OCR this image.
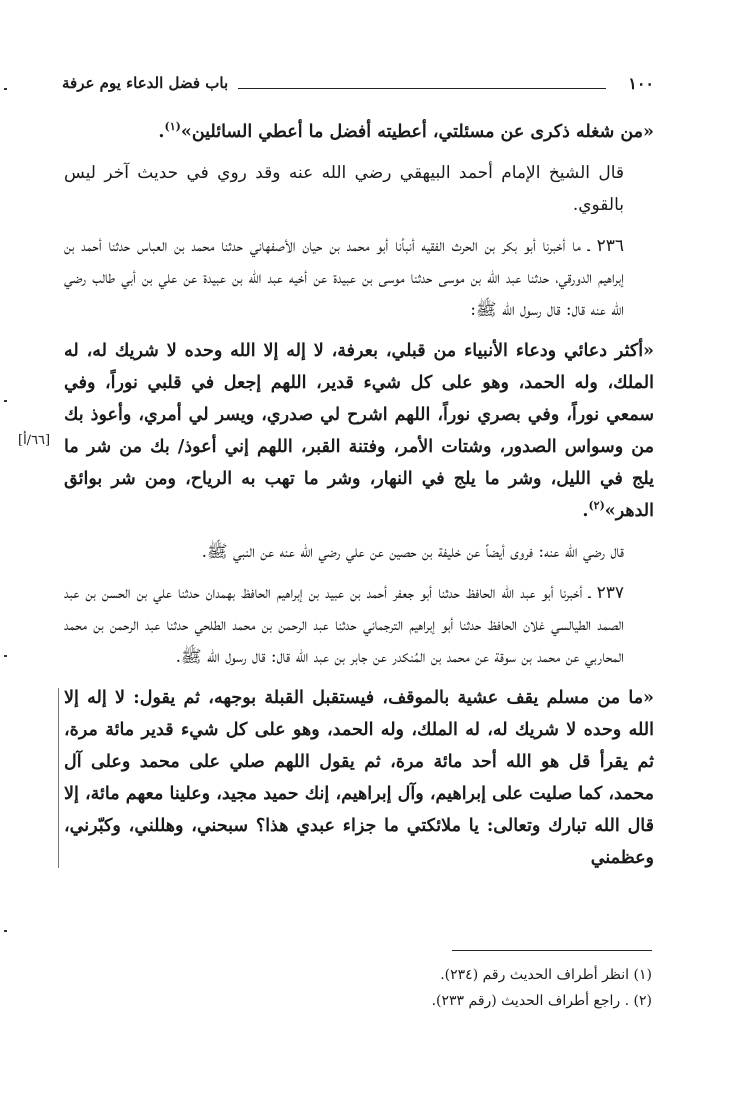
١٠٠
باب فضل الدعاء يوم عرفة

«من شغله ذكرى عن مسئلتي، أعطيته أفضل ما أعطي السائلين»$^{(١)}$.

قال الشيخ الإمام أحمد البيهقي رضي الله عنه وقد روي في حديث آخر ليس بالقوي.

٢٣٦ ـ ما أخبرنا أبو بكر بن الحرث الفقيه أنبأنا أبو محمد بن حيان الأصفهاني حدثنا محمد بن العباس حدثنا أحمد بن إبراهيم الدورقي، حدثنا عبد الله بن موسى حدثنا موسى بن عبيدة عن أخيه عبد الله بن عبيدة عن علي بن أبي طالب رضي الله عنه قال: قال رسول الله ﷺ:

«أكثر دعائي ودعاء الأنبياء من قبلي، بعرفة، لا إله إلا الله وحده لا شريك له، له الملك، وله الحمد، وهو على كل شيء قدير، اللهم إجعل في قلبي نوراً، وفي سمعي نوراً، وفي بصري نوراً، اللهم اشرح لي صدري، ويسر لي أمري، وأعوذ بك من وسواس الصدور، وشتات الأمر، وفتنة القبر، اللهم إني أعوذ/ بك من شر ما يلج في الليل، وشر ما يلج في النهار، وشر ما تهب به الرياح، ومن شر بوائق الدهر»$^{(٢)}$.

[٦٦/أ]

قال رضي الله عنه: فروى أيضاً عن خليفة بن حصين عن علي رضي الله عنه عن النبي ﷺ.

٢٣٧ ـ أخبرنا أبو عبد الله الحافظ حدثنا أبو جعفر أحمد بن عبيد بن إبراهيم الحافظ بهمدان حدثنا علي بن الحسن بن عبد الصمد الطيالسي غلان الحافظ حدثنا أبو إبراهيم الترجماني حدثنا عبد الرحمن بن محمد الطلحي حدثنا عبد الرحمن بن محمد المحاربي عن محمد بن سوقة عن محمد بن المُنكدر عن جابر بن عبد الله قال: قال رسول الله ﷺ.

«ما من مسلم يقف عشية بالموقف، فيستقبل القبلة بوجهه، ثم يقول: لا إله إلا الله وحده لا شريك له، له الملك، وله الحمد، وهو على كل شيء قدير مائة مرة، ثم يقرأ قل هو الله أحد مائة مرة، ثم يقول اللهم صلي على محمد وعلى آل محمد، كما صليت على إبراهيم، وآل إبراهيم، إنك حميد مجيد، وعلينا معهم مائة، إلا قال الله تبارك وتعالى: يا ملائكتي ما جزاء عبدي هذا؟ سبحني، وهللني، وكبّرني، وعظمني

(١) انظر أطراف الحديث رقم (٢٣٤).
(٢) . راجع أطراف الحديث (رقم ٢٣٣).
